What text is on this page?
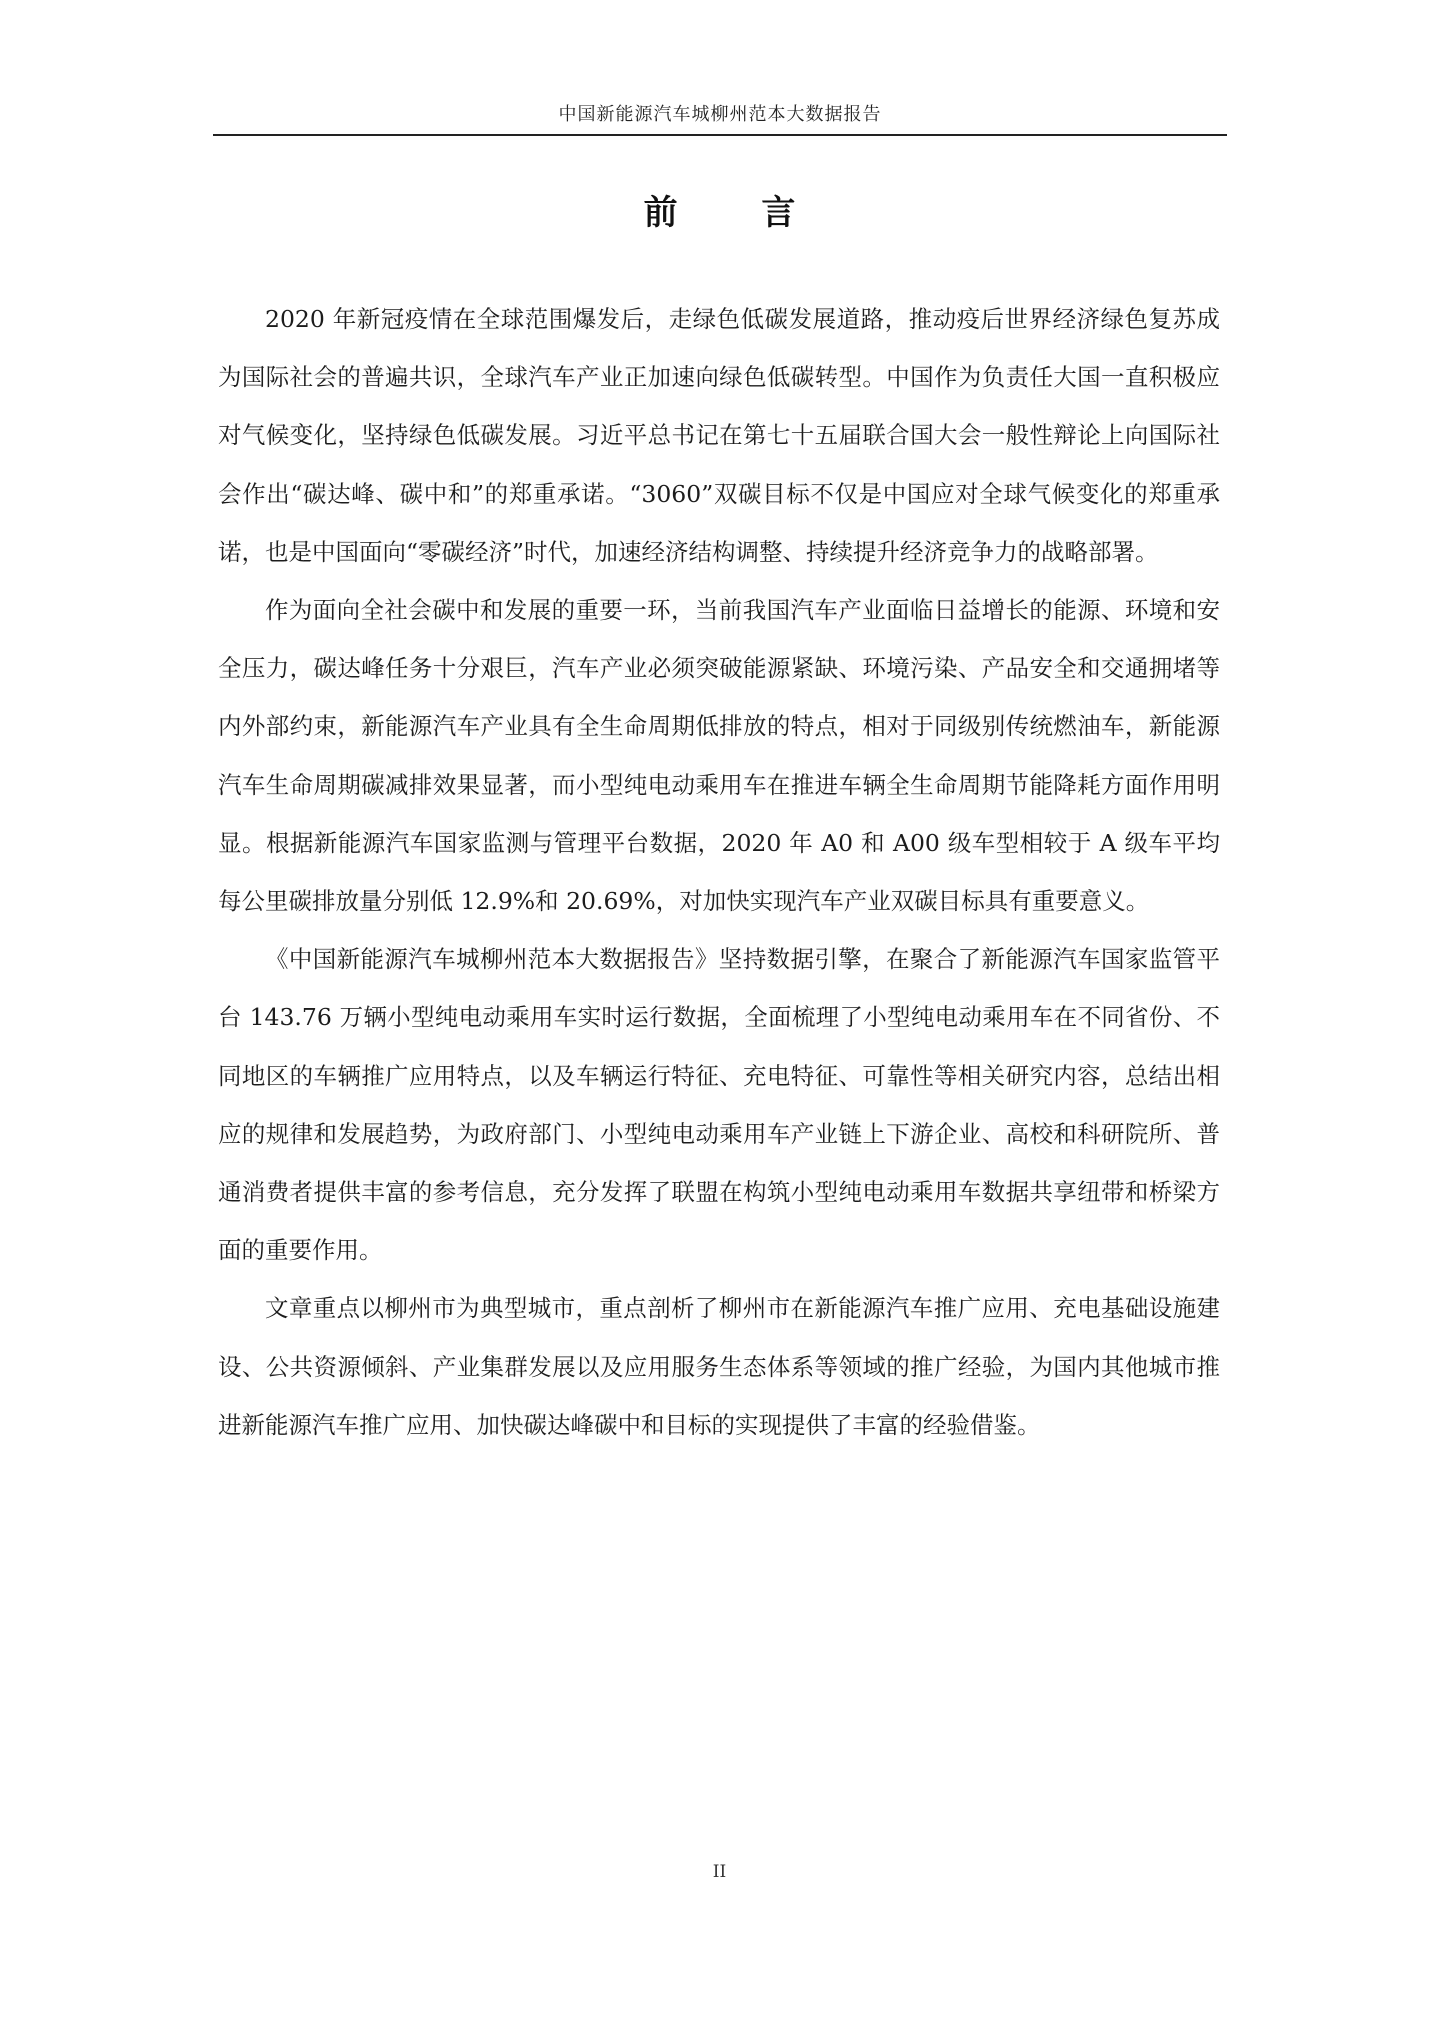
中国新能源汽车城柳州范本大数据报告
前 言

2020 年新冠疫情在全球范围爆发后，走绿色低碳发展道路，推动疫后世界经济绿色复苏成为国际社会的普遍共识，全球汽车产业正加速向绿色低碳转型。中国作为负责任大国一直积极应对气候变化，坚持绿色低碳发展。习近平总书记在第七十五届联合国大会一般性辩论上向国际社会作出“碳达峰、碳中和”的郑重承诺。“3060”双碳目标不仅是中国应对全球气候变化的郑重承诺，也是中国面向“零碳经济”时代，加速经济结构调整、持续提升经济竞争力的战略部署。

作为面向全社会碳中和发展的重要一环，当前我国汽车产业面临日益增长的能源、环境和安全压力，碳达峰任务十分艰巨，汽车产业必须突破能源紧缺、环境污染、产品安全和交通拥堵等内外部约束，新能源汽车产业具有全生命周期低排放的特点，相对于同级别传统燃油车，新能源汽车生命周期碳减排效果显著，而小型纯电动乘用车在推进车辆全生命周期节能降耗方面作用明显。根据新能源汽车国家监测与管理平台数据，2020 年 A0 和 A00 级车型相较于 A 级车平均每公里碳排放量分别低 12.9%和 20.69%，对加快实现汽车产业双碳目标具有重要意义。

《中国新能源汽车城柳州范本大数据报告》坚持数据引擎，在聚合了新能源汽车国家监管平台 143.76 万辆小型纯电动乘用车实时运行数据，全面梳理了小型纯电动乘用车在不同省份、不同地区的车辆推广应用特点，以及车辆运行特征、充电特征、可靠性等相关研究内容，总结出相应的规律和发展趋势，为政府部门、小型纯电动乘用车产业链上下游企业、高校和科研院所、普通消费者提供丰富的参考信息，充分发挥了联盟在构筑小型纯电动乘用车数据共享纽带和桥梁方面的重要作用。

文章重点以柳州市为典型城市，重点剖析了柳州市在新能源汽车推广应用、充电基础设施建设、公共资源倾斜、产业集群发展以及应用服务生态体系等领域的推广经验，为国内其他城市推进新能源汽车推广应用、加快碳达峰碳中和目标的实现提供了丰富的经验借鉴。

II
